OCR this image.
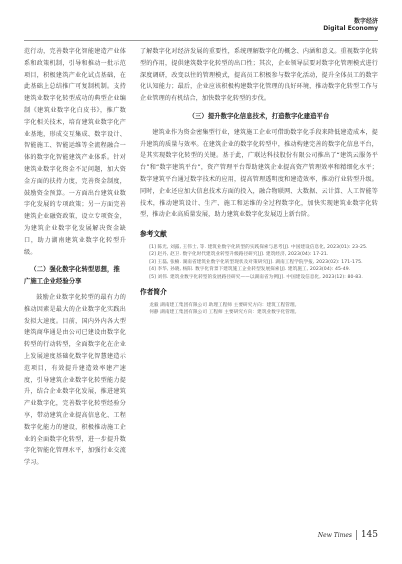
数字经济
Digital Economy

范行动，完善数字化智能建造产业体系和政策机制，引导和推动一批示范项目，积极建筑产业化试点基础，在此基础上总结推广可复制机制。支持建筑业数字化转型成功的典型企业编制《建筑业数字化白皮书》，推广数字化相关技术，培育建筑业数字化产业基地，形成交互集成、数字设计、智能施工、智能运维等全流程融合一体的数字化智能建筑产业体系。针对建筑业数字化资金不足问题，加大资金方面的扶持力度，完善资金制度，鼓励资金预算。一方面出台建筑业数字化发展的专项政策；另一方面完善建筑企业融资政策，设立专项资金，为建筑企业数字化发展解决资金缺口，助力湖南建筑业数字化转型升级。

（二）强化数字化转型思想，推广施工企业经验分享

鼓励企业数字化转型的最有力的推动因素是最大的企业数字化实践出发拟大速度。目前，国内外内各大型建筑商华通是由公司已建设由数字化转型的行动转型，全面数字化在企业上发展速度基础化数字化智慧建造示范项目，有效提升建造效率建产速度，引导建筑企业数字化转型能力提升，结合企业数字化发展，推进建筑产业数字化，完善数字化转型经验分享，带动建筑企业提高信息化、工程数字化能力的建设，积极推动施工企业的全面数字化转型，进一步提升数字化智能化管理水平，加强行业交流学习。

了解数字化对经济发展的重要性，系统理解数字化的概念、内涵和意义。重视数字化转型的作用，提供建筑数字化转型的出口性；其次，企业领导层要对数字化管理模式进行深度调研，改变以往的管理模式，提高员工积极参与数字化活动，提升全体员工的数字化认知能力；最后，企业应该积极构建数字化管理的良好环境，推动数字化转型工作与企业管理的有机结合，加快数字化转型的步伐。

（三）提升数字化信息技术，打造数字化建造平台

建筑业作为资金密集型行业，建筑施工企业可借助数字化手段来降低建造成本，提升建筑的质量与效率。在建筑企业的数字化转型中，推动构建完善的数字化信息平台，是其实现数字化转型的关键。基于此，广联达科技股份有限公司推出了“建筑云服务平台”和“数字建筑平台”，资产管理平台帮助建筑企业提高资产管理效率和精细化水平；数字建筑平台通过数字技术的应用，提高管理透明度和建造效率，推动行业转型升级。同时，企业还应加大信息技术方面的投入，融合物联网、大数据、云计算、人工智能等技术，推动建筑设计、生产、施工和运维的全过程数字化，加快实现建筑业数字化转型，推动企业高质量发展，助力建筑业数字化发展迈上新台阶。

参考文献

[1] 陈光, 刘露, 王伟士, 等. 建筑业数字化转型的实践探索与思考[J]. 中国建设信息化, 2023(01): 23-25.

[2] 赵丹, 赵卫. 数字化时代建筑业转型升级路径研究[J]. 建筑经济, 2023(04): 17-21.

[3] 王磊, 张楠. 湖南省建筑业数字化转型现状及对策研究[J]. 湖南工程学院学报, 2023(02): 171-175.

[4] 李华, 孙晓, 杨阳. 数字化背景下建筑施工企业转型发展探索[J]. 建筑施工, 2023(04): 45-49.

[5] 刘伟. 建筑业数字化转型的发展路径研究——以湖南省为例[J]. 中国建设信息化, 2023(12): 80-83.

作者简介

龙毅 湖南建工集团有限公司 助理工程师 主要研究方向：建筑工程管理。

何静 湖南建工集团有限公司 工程师 主要研究方向：建筑业数字化管理。

New Times 145
